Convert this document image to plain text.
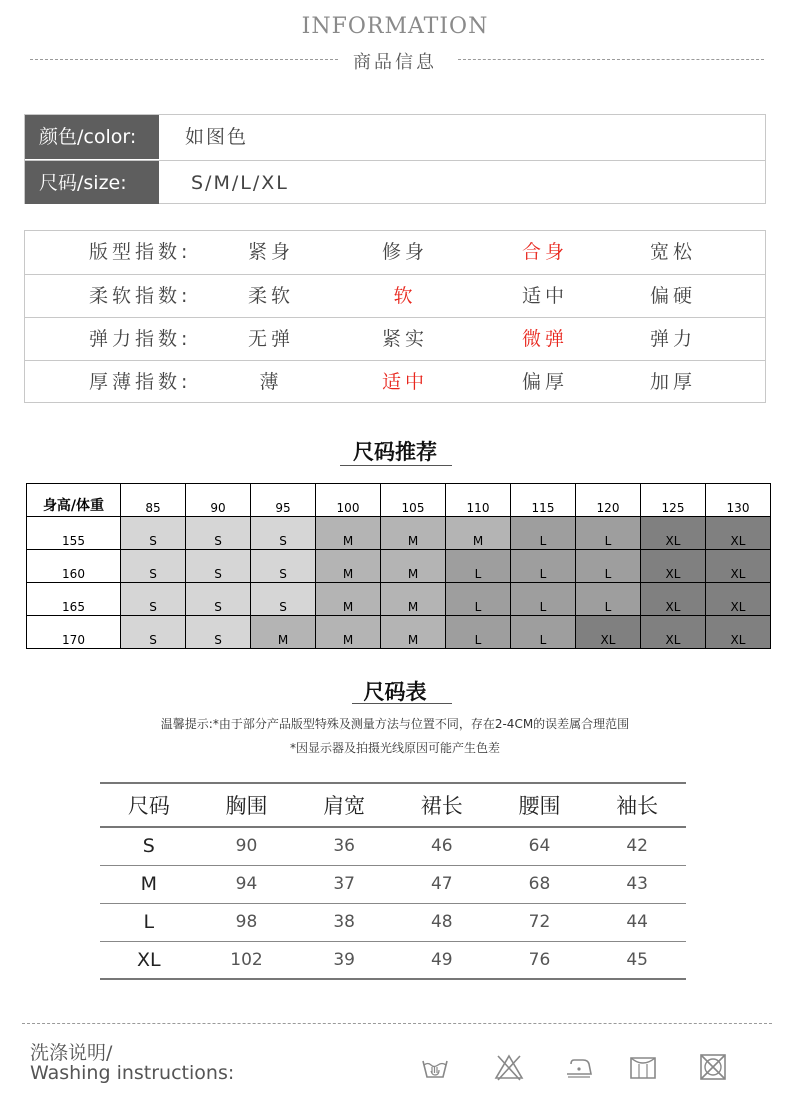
INFORMATION
商品信息
颜色/color:	如图色
尺码/size:	S/M/L/XL
版型指数:	紧身	修身	合身	宽松
柔软指数:	柔软	软	适中	偏硬
弹力指数:	无弹	紧实	微弹	弹力
厚薄指数:	薄	适中	偏厚	加厚
尺码推荐
身高/体重	85	90	95	100	105	110	115	120	125	130
155	S	S	S	M	M	M	L	L	XL	XL
160	S	S	S	M	M	L	L	L	XL	XL
165	S	S	S	M	M	L	L	L	XL	XL
170	S	S	M	M	M	L	L	XL	XL	XL
尺码表
温馨提示:*由于部分产品版型特殊及测量方法与位置不同，存在2-4CM的误差属合理范围
*因显示器及拍摄光线原因可能产生色差
尺码	胸围	肩宽	裙长	腰围	袖长
S	90	36	46	64	42
M	94	37	47	68	43
L	98	38	48	72	44
XL	102	39	49	76	45
洗涤说明/
Washing instructions:
